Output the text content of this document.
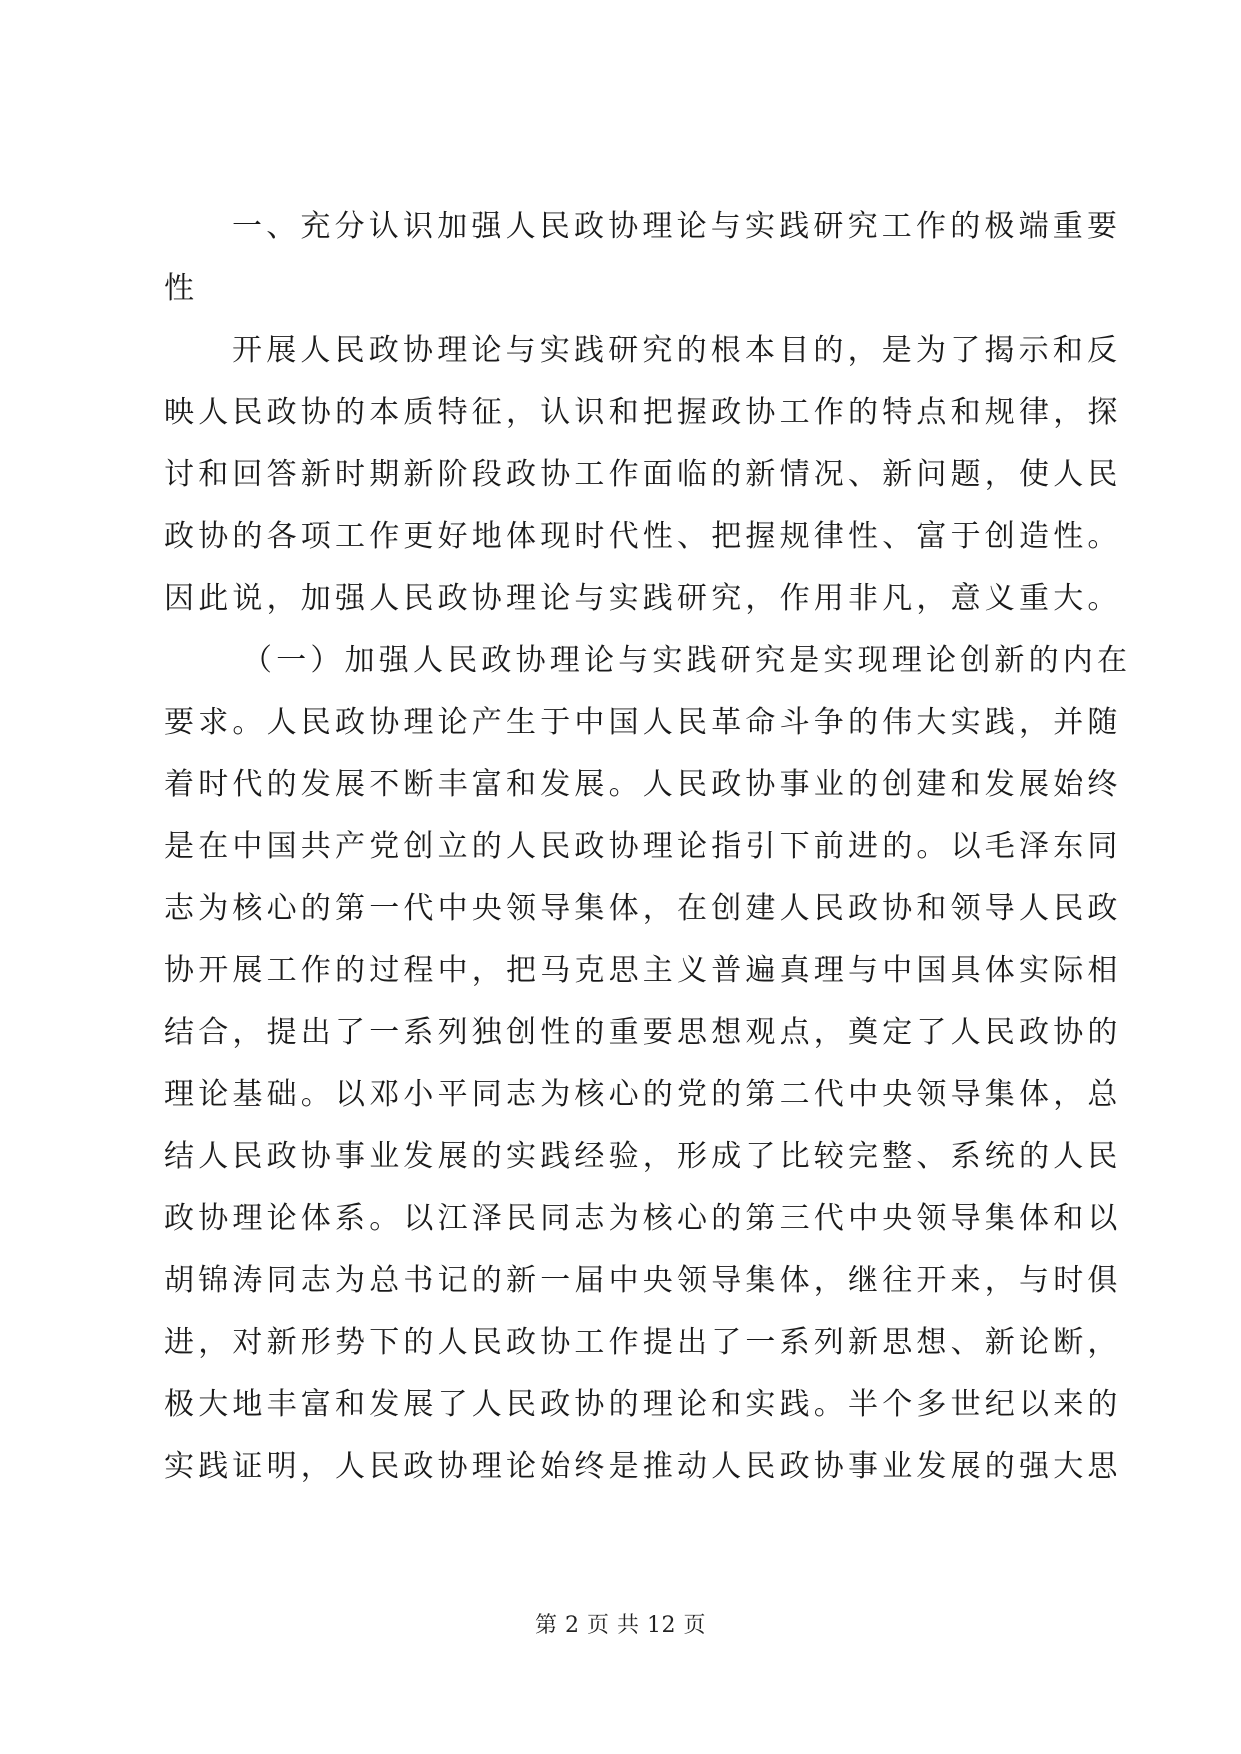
一、充分认识加强人民政协理论与实践研究工作的极端重要
性
开展人民政协理论与实践研究的根本目的，是为了揭示和反
映人民政协的本质特征，认识和把握政协工作的特点和规律，探
讨和回答新时期新阶段政协工作面临的新情况、新问题，使人民
政协的各项工作更好地体现时代性、把握规律性、富于创造性。
因此说，加强人民政协理论与实践研究，作用非凡，意义重大。
（一）加强人民政协理论与实践研究是实现理论创新的内在
要求。人民政协理论产生于中国人民革命斗争的伟大实践，并随
着时代的发展不断丰富和发展。人民政协事业的创建和发展始终
是在中国共产党创立的人民政协理论指引下前进的。以毛泽东同
志为核心的第一代中央领导集体，在创建人民政协和领导人民政
协开展工作的过程中，把马克思主义普遍真理与中国具体实际相
结合，提出了一系列独创性的重要思想观点，奠定了人民政协的
理论基础。以邓小平同志为核心的党的第二代中央领导集体，总
结人民政协事业发展的实践经验，形成了比较完整、系统的人民
政协理论体系。以江泽民同志为核心的第三代中央领导集体和以
胡锦涛同志为总书记的新一届中央领导集体，继往开来，与时俱
进，对新形势下的人民政协工作提出了一系列新思想、新论断，
极大地丰富和发展了人民政协的理论和实践。半个多世纪以来的
实践证明，人民政协理论始终是推动人民政协事业发展的强大思
第 2 页 共 12 页
